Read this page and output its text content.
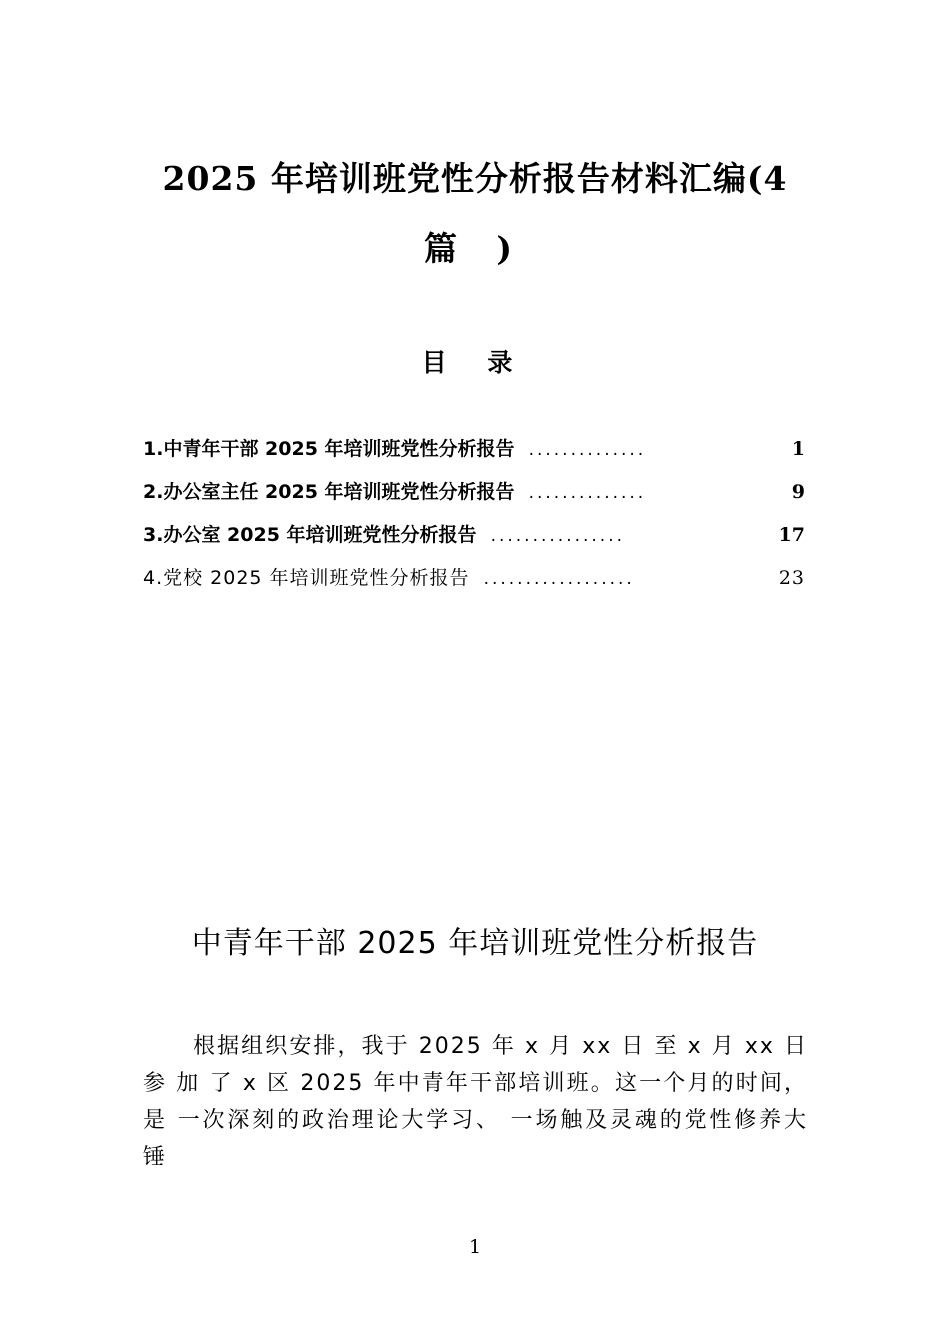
2025 年培训班党性分析报告材料汇编(4
篇 )
目 录
1.中青年干部 2025 年培训班党性分析报告 ..............	1
2.办公室主任 2025 年培训班党性分析报告 ..............	9
3.办公室 2025 年培训班党性分析报告 ................	17
4.党校 2025 年培训班党性分析报告 ..................	23
中青年干部 2025 年培训班党性分析报告
根据组织安排，我于 2025 年 x 月 xx 日 至 x 月 xx 日参 加 了 x 区 2025 年中青年干部培训班。这一个月的时间，是 一次深刻的政治理论大学习、 一场触及灵魂的党性修养大锤
1
